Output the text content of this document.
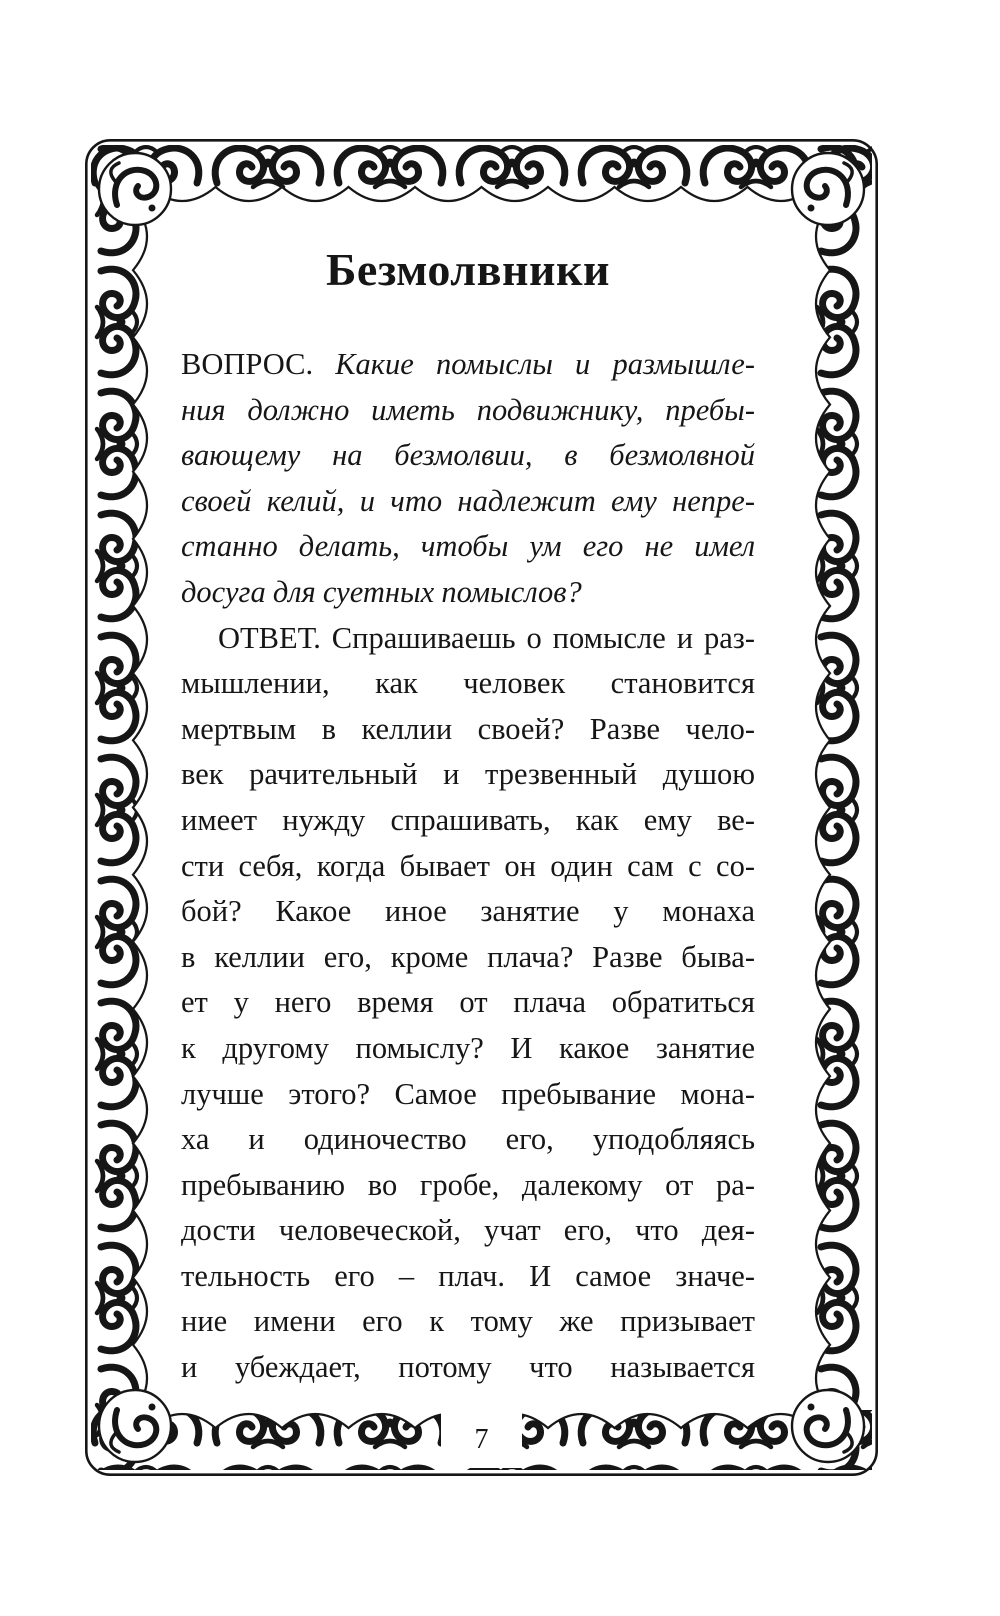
Безмолвники
ВОПРОС. Какие помыслы и размышле-
ния должно иметь подвижнику, пребы-
вающему на безмолвии, в безмолвной
своей келий, и что надлежит ему непре-
станно делать, чтобы ум его не имел
досуга для суетных помыслов?
ОТВЕТ. Спрашиваешь о помысле и раз-
мышлении, как человек становится
мертвым в келлии своей? Разве чело-
век рачительный и трезвенный душою
имеет нужду спрашивать, как ему ве-
сти себя, когда бывает он один сам с со-
бой? Какое иное занятие у монаха
в келлии его, кроме плача? Разве быва-
ет у него время от плача обратиться
к другому помыслу? И какое занятие
лучше этого? Самое пребывание мона-
ха и одиночество его, уподобляясь
пребыванию во гробе, далекому от ра-
дости человеческой, учат его, что дея-
тельность его – плач. И самое значе-
ние имени его к тому же призывает
и убеждает, потому что называется
7
